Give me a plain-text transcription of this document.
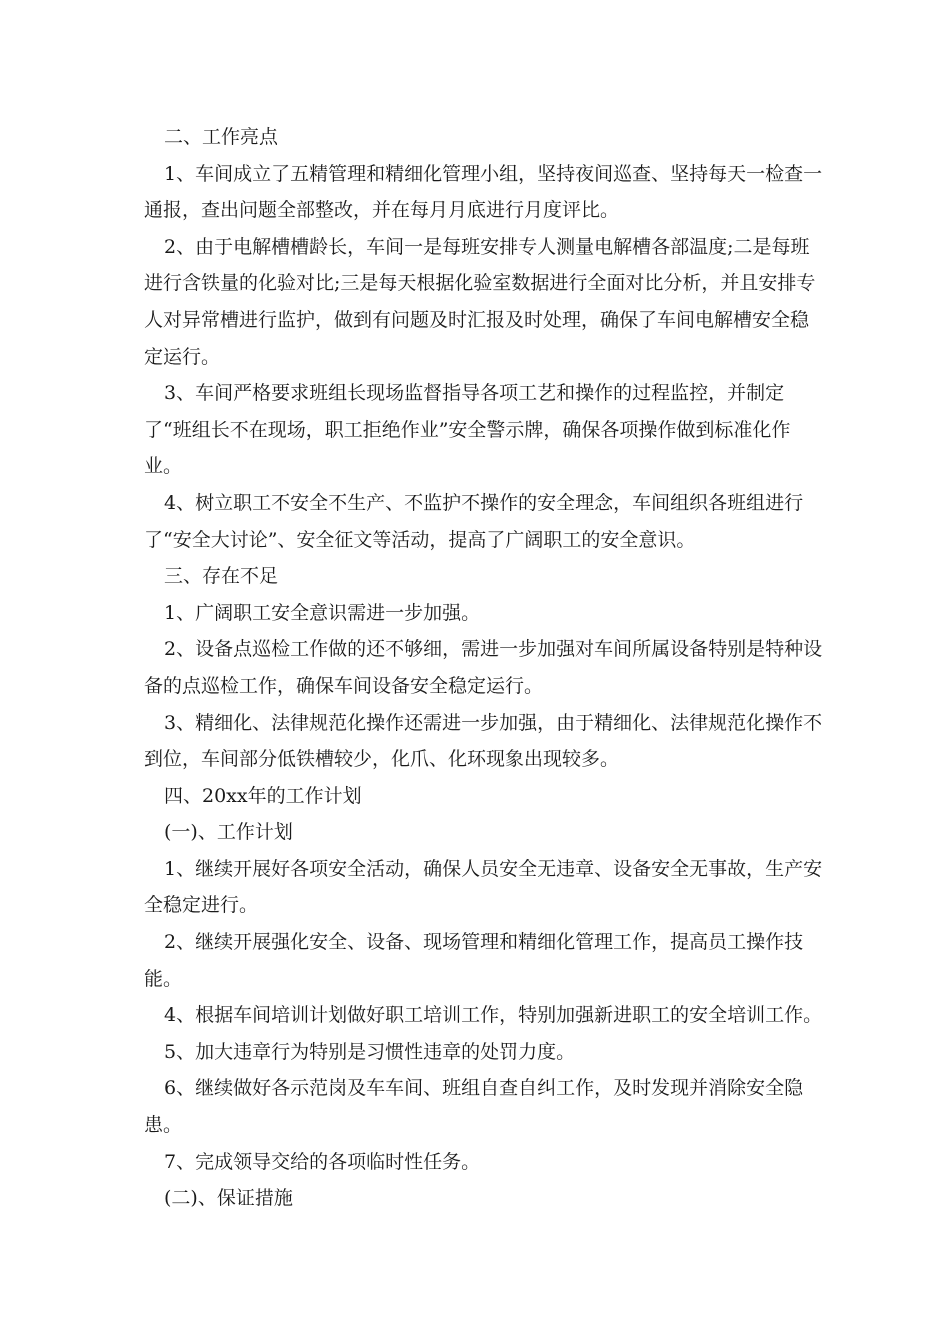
二、工作亮点

1、车间成立了五精管理和精细化管理小组，坚持夜间巡查、坚持每天一检查一通报，查出问题全部整改，并在每月月底进行月度评比。

2、由于电解槽槽龄长，车间一是每班安排专人测量电解槽各部温度;二是每班进行含铁量的化验对比;三是每天根据化验室数据进行全面对比分析，并且安排专人对异常槽进行监护，做到有问题及时汇报及时处理，确保了车间电解槽安全稳定运行。

3、车间严格要求班组长现场监督指导各项工艺和操作的过程监控，并制定了“班组长不在现场，职工拒绝作业”安全警示牌，确保各项操作做到标准化作业。

4、树立职工不安全不生产、不监护不操作的安全理念，车间组织各班组进行了“安全大讨论”、安全征文等活动，提高了广阔职工的安全意识。

三、存在不足

1、广阔职工安全意识需进一步加强。

2、设备点巡检工作做的还不够细，需进一步加强对车间所属设备特别是特种设备的点巡检工作，确保车间设备安全稳定运行。

3、精细化、法律规范化操作还需进一步加强，由于精细化、法律规范化操作不到位，车间部分低铁槽较少，化爪、化环现象出现较多。

四、20xx年的工作计划

(一)、工作计划

1、继续开展好各项安全活动，确保人员安全无违章、设备安全无事故，生产安全稳定进行。

2、继续开展强化安全、设备、现场管理和精细化管理工作，提高员工操作技能。

4、根据车间培训计划做好职工培训工作，特别加强新进职工的安全培训工作。

5、加大违章行为特别是习惯性违章的处罚力度。

6、继续做好各示范岗及车车间、班组自查自纠工作，及时发现并消除安全隐患。

7、完成领导交给的各项临时性任务。

(二)、保证措施
